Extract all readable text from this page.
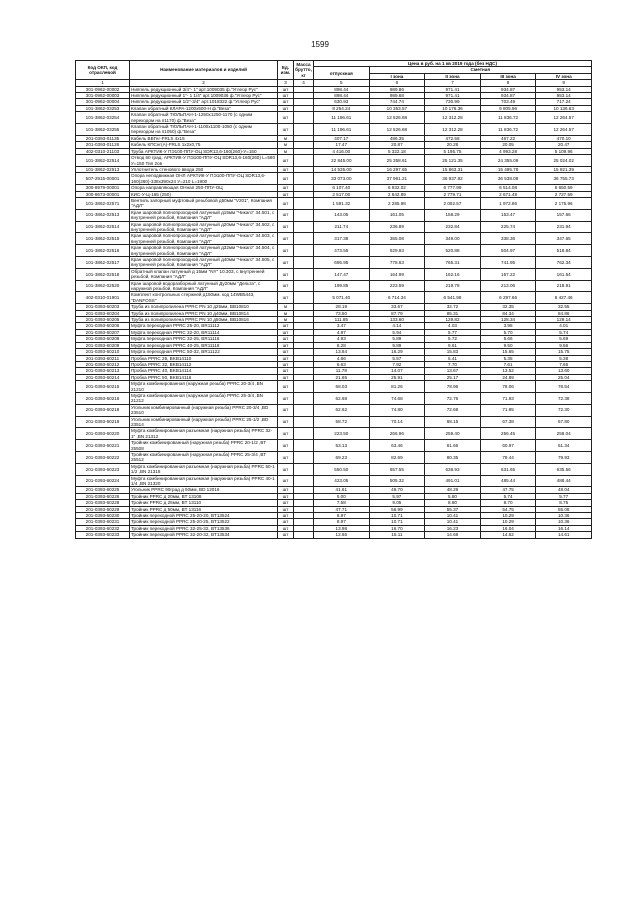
1599
Код ОКП, код отраслевой	Наименование материалов и изделий	Ед. изм.	Масса брутто, кг	Цена в руб. на 1 кв 2019 года (без НДС)				
				отпускная	Сметная			
					I зона	II зона	III зона	IV зона
1	2	3	4	5	6	7	8	9
301-0962-00002	Ниппель редукционный 3/4"- 1" арт.1009035 ф."Углеор Рус"	шт		898.44	989.86	971.41	934.87	953.14
301-0962-00003	Ниппель редукционный 1"- 1 1/4" арт.1009036 ф."Углеор Рус"	шт		898.44	989.68	971.41	934.87	953.14
301-0962-00004	Ниппель редукционный 1/2"-3/4" арт.1018322 ф."Углеор Рус"	шт		630.93	744.74	730.99	703.49	717.24
101-3862-03253	Клапан обратный КЛАРА-1200х500-Н ф."Веза"	шт		8 254.24	10 353.57	10 176.36	9 805.96	10 136.63
101-3862-03254	Клапан обратный ТЮЛЬПАН-1-1250х1250-1170 (с одним переходом на п1170) ф."Веза"	шт		11 196.61	12 526.68	12 312.28	11 836.72	12 264.57
101-3862-03255	Клапан обратный ТЮЛЬПАН-1-1100х1100-1050 (с одним переходом на п1050) ф."Веза"	шт		11 196.61	12 526.68	12 312.28	11 836.72	12 264.57
201-0393-01135	Кабель ВВГнг-FRLS 4х15	м		407.17	486.35	472.58	467.22	470.10
201-0393-01126	Кабель КПСнг(А)-FRLS 1х2х0,75	м		17.47	20.87	20.28	20.05	20.47
402-0310-21103	Труба АРКТИК-У ПЭ100-ППУ-ОЦ SDR13,6-160(260)-У=150	м		4 416.00	5 322.18	5 195.75	4 993.28	5 109.96
101-3862-02514	Отвод 60 град. АРКТИК-У ПЭ100-ППУ-ОЦ SDR13,6-160(260) L=580 У=150 Тип 2ов	шт		22 845.00	25 358.61	25 121.35	24 355.09	25 024.02
101-3862-02513	Уплотнитель стенового ввода 250	шт		14 535.00	16 297.65	15 863.31	15 495.78	15 921.39
507-2915-00001	Опора неподвижная ОНЛ АРКТИК-У ПЭ100-ППУ-ОЦ SDR13,6-160(260)-338х390х24 У=210 L=1900	шт		33 073.00	37 961.21	36 937.82	36 538.08	36 755.73
300-8979-00001	Опора направляющая ОНнап 250-ППУ-ОЦ	шт		6 107.40	6 932.02	6 777.99	6 514.08	6 650.59
300-8673-00001	КИС-У-Ц-165 (250)	шт		2 517.00	2 842.89	2 779.71	2 671.48	2 727.59
101-3862-02571	Вентиль запорный муфтовый резьбовой д50мм "V201", Компания "АДЛ"	шт		1 591.32	2 285.98	2 052.57	1 972.86	2 175.96
101-3862-02513	Кран шаровой полнопроходной латунный д15мм "Чикаго" 34.501, с внутренней резьбой, Компания "АДЛ"	шт		143.05	161.05	158.29	153.47	157.66
101-3862-02514	Кран шаровой полнопроходной латунный д20мм "Чикаго" 34.502, с внутренней резьбой, Компания "АДЛ"	шт		211.74	236.89	232.84	225.74	231.94
101-3862-02515	Кран шаровой полнопроходной латунный д25мм "Чикаго" 34.503, с внутренней резьбой, Компания "АДЛ"	шт		317.38	355.08	349.00	338.36	347.65
101-3862-02516	Кран шаровой полнопроходной латунный д32мм "Чикаго" 34.504, с внутренней резьбой, Компания "АДЛ"	шт		473.55	529.93	520.88	504.97	518.84
101-3862-02517	Кран шаровой полнопроходной латунный д40мм "Чикаго" 34.505, с внутренней резьбой, Компания "АДЛ"	шт		695.95	778.63	765.31	741.95	762.34
101-3862-02518	Обратный клапан латунный д 15мм "NY" 10.303, с внутренней резьбой, Компания "АДЛ"	шт		147.47	164.99	162.16	157.22	161.54
101-3862-02520	Кран шаровой водоразборный латунный Ду20мм "Дельта", с наружной резьбой, Компания "АДЛ"	шт		199.85	223.59	219.78	213.06	218.91
402-0310-01901	Комплект контрольных стержней д150мм. код 14WB5443, "DANFOSS"	шт		5 071.40	6 714.34	6 541.98	6 297.66	6 427.46
201-0393-60203	Труба из полипропилена PPRC PN 10 д25мм, BB10810	м		28.19	33.67	32.72	32.35	32.55
201-0393-60204	Труба из полипропилена PPRC PN 10 д40мм, BB10814	м		73.50	87.79	85.31	84.34	84.86
201-0393-60205	Труба из полипропилена PPRC PN 10 д50мм, BB10816	м		111.85	133.60	129.82	128.34	129.14
201-0393-60206	Муфта переходная PPRC 25-20, BR11112	шт		3.47	4.14	4.03	3.98	4.01
201-0393-60207	Муфта переходная PPRC 32-20, BR11114	шт		4.97	5.94	5.77	5.70	5.74
201-0393-60208	Муфта переходная PPRC 32-25, BR11116	шт		4.93	5.89	5.72	5.66	5.69
201-0393-60209	Муфта переходная PPRC 40-25, BR11118	шт		8.28	9.89	9.61	9.50	9.56
201-0393-60210	Муфта переходная PPRC 50-32, BR11122	шт		13.64	16.29	15.83	15.65	15.75
201-0393-60211	Пробка PPRC 25, BKB14110	шт		4.66	5.57	5.41	5.35	5.38
201-0393-60212	Пробка PPRC 32, BKB14112	шт		6.63	7.92	7.70	7.61	7.65
201-0393-60213	Пробка PPRC 40, BKB14114	шт		11.78	14.07	13.67	13.52	13.60
201-0393-60214	Пробка PPRC 50, BKB14116	шт		21.65	25.91	25.17	24.89	25.04
201-0393-60215	Муфта комбинированная (наружная резьба) PPRC 20-3/4 ,BN 21210	шт		68.03	81.26	78.96	78.06	78.54
201-0393-60216	Муфта комбинированная (наружная резьба) PPRC 25-3/4 ,BN 21212	шт		62.68	74.68	72.76	71.93	72.38
201-0393-60218	Угольник комбинированный (наружная резьба) PPRC 20-3/4 ,BD 23510	шт		62.62	74.80	72.68	71.85	72.30
201-0393-60219	Угольник комбинированный (наружная резьба) PPRC 25-1/2 ,BD 23514	шт		58.72	70.14	68.15	67.38	67.80
201-0393-60220	Муфта комбинированная разъемная (наружная резьба) PPRC 32-1" ,BN 21312	шт		223.50	266.96	259.40	256.45	258.04
201-0393-60221	Тройник комбинированный (наружная резьба) PPRC 20-1/2 ,BT 25508	шт		53.13	63.46	61.66	60.97	61.34
201-0393-60222	Тройник комбинированный (наружная резьба) PPRC 25-3/4 ,BT 25512	шт		69.23	82.69	80.35	79.44	79.93
201-0393-60223	Муфта комбинированная разъемная (наружная резьба) PPRC 50-1 1/2 ,BN 21318	шт		550.50	657.55	638.93	631.65	635.56
201-0393-60224	Муфта комбинированная разъемная (наружная резьба) PPRC 40-1 1/4 ,BN 21320	шт		423.05	505.32	491.01	485.44	488.44
201-0393-60225	Угольник PPRC 90град д 50мм, BD 12016	шт		41.61	49.70	48.29	47.75	48.04
201-0393-60226	Тройник PPRC д 20мм, BT 13108	шт		5.00	5.97	5.80	5.74	5.77
201-0393-60228	Тройник PPRC д 25мм, BT 13110	шт		7.58	9.05	8.80	8.70	8.75
201-0393-60229	Тройник PPRC д 50мм, BT 13116	шт		47.71	56.99	55.37	54.75	55.08
201-0393-60230	Тройник переходной PPRC 25-20-20, BT13524	шт		8.97	10.71	10.41	10.29	10.36
201-0393-60231	Тройник переходной PPRC 25-20-25, BT13522	шт		8.97	10.71	10.41	10.29	10.36
201-0393-60232	Тройник переходной PPRC 32-25-32, BT13536	шт		13.98	16.70	16.23	16.04	16.14
201-0393-60233	Тройник переходной PPRC 32-20-32, BT13534	шт		12.65	15.11	14.68	14.52	14.61
